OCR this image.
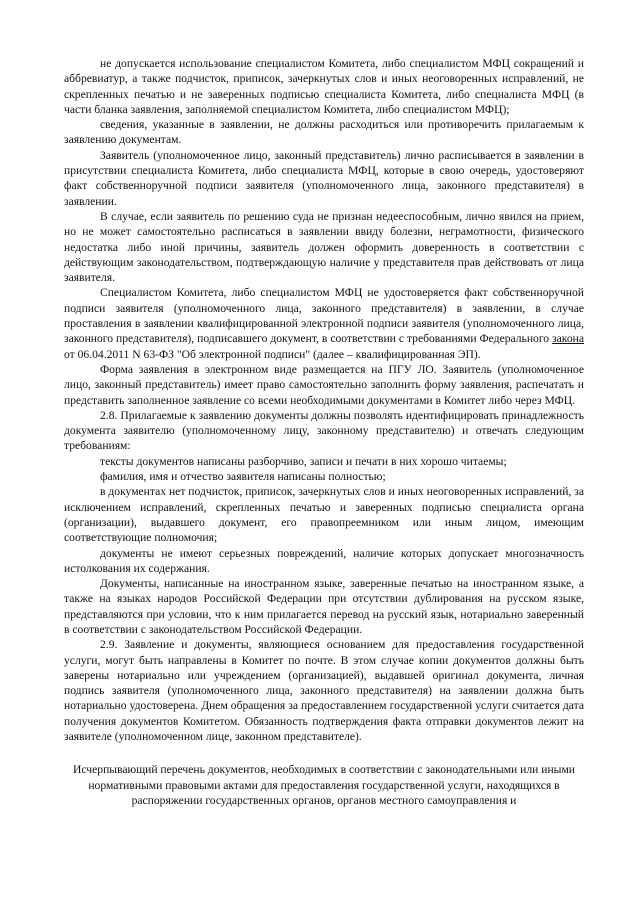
не допускается использование специалистом Комитета, либо специалистом МФЦ сокращений и аббревиатур, а также подчисток, приписок, зачеркнутых слов и иных неоговоренных исправлений, не скрепленных печатью и не заверенных подписью специалиста Комитета, либо специалиста МФЦ (в части бланка заявления, заполняемой специалистом Комитета, либо специалистом МФЦ);

сведения, указанные в заявлении, не должны расходиться или противоречить прилагаемым к заявлению документам.

Заявитель (уполномоченное лицо, законный представитель) лично расписывается в заявлении в присутствии специалиста Комитета, либо специалиста МФЦ, которые в свою очередь, удостоверяют факт собственноручной подписи заявителя (уполномоченного лица, законного представителя) в заявлении.

В случае, если заявитель по решению суда не признан недееспособным, лично явился на прием, но не может самостоятельно расписаться в заявлении ввиду болезни, неграмотности, физического недостатка либо иной причины, заявитель должен оформить доверенность в соответствии с действующим законодательством, подтверждающую наличие у представителя прав действовать от лица заявителя.

Специалистом Комитета, либо специалистом МФЦ не удостоверяется факт собственноручной подписи заявителя (уполномоченного лица, законного представителя) в заявлении, в случае проставления в заявлении квалифицированной электронной подписи заявителя (уполномоченного лица, законного представителя), подписавшего документ, в соответствии с требованиями Федерального закона от 06.04.2011 N 63-ФЗ "Об электронной подписи" (далее – квалифицированная ЭП).

Форма заявления в электронном виде размещается на ПГУ ЛО. Заявитель (уполномоченное лицо, законный представитель) имеет право самостоятельно заполнить форму заявления, распечатать и представить заполненное заявление со всеми необходимыми документами в Комитет либо через МФЦ.

2.8. Прилагаемые к заявлению документы должны позволять идентифицировать принадлежность документа заявителю (уполномоченному лицу, законному представителю) и отвечать следующим требованиям:

тексты документов написаны разборчиво, записи и печати в них хорошо читаемы;

фамилия, имя и отчество заявителя написаны полностью;

в документах нет подчисток, приписок, зачеркнутых слов и иных неоговоренных исправлений, за исключением исправлений, скрепленных печатью и заверенных подписью специалиста органа (организации), выдавшего документ, его правопреемником или иным лицом, имеющим соответствующие полномочия;

документы не имеют серьезных повреждений, наличие которых допускает многозначность истолкования их содержания.

Документы, написанные на иностранном языке, заверенные печатью на иностранном языке, а также на языках народов Российской Федерации при отсутствии дублирования на русском языке, представляются при условии, что к ним прилагается перевод на русский язык, нотариально заверенный в соответствии с законодательством Российской Федерации.

2.9. Заявление и документы, являющиеся основанием для предоставления государственной услуги, могут быть направлены в Комитет по почте. В этом случае копии документов должны быть заверены нотариально или учреждением (организацией), выдавшей оригинал документа, личная подпись заявителя (уполномоченного лица, законного представителя) на заявлении должна быть нотариально удостоверена. Днем обращения за предоставлением государственной услуги считается дата получения документов Комитетом. Обязанность подтверждения факта отправки документов лежит на заявителе (уполномоченном лице, законном представителе).

Исчерпывающий перечень документов, необходимых в соответствии с законодательными или иными нормативными правовыми актами для предоставления государственной услуги, находящихся в распоряжении государственных органов, органов местного самоуправления и
